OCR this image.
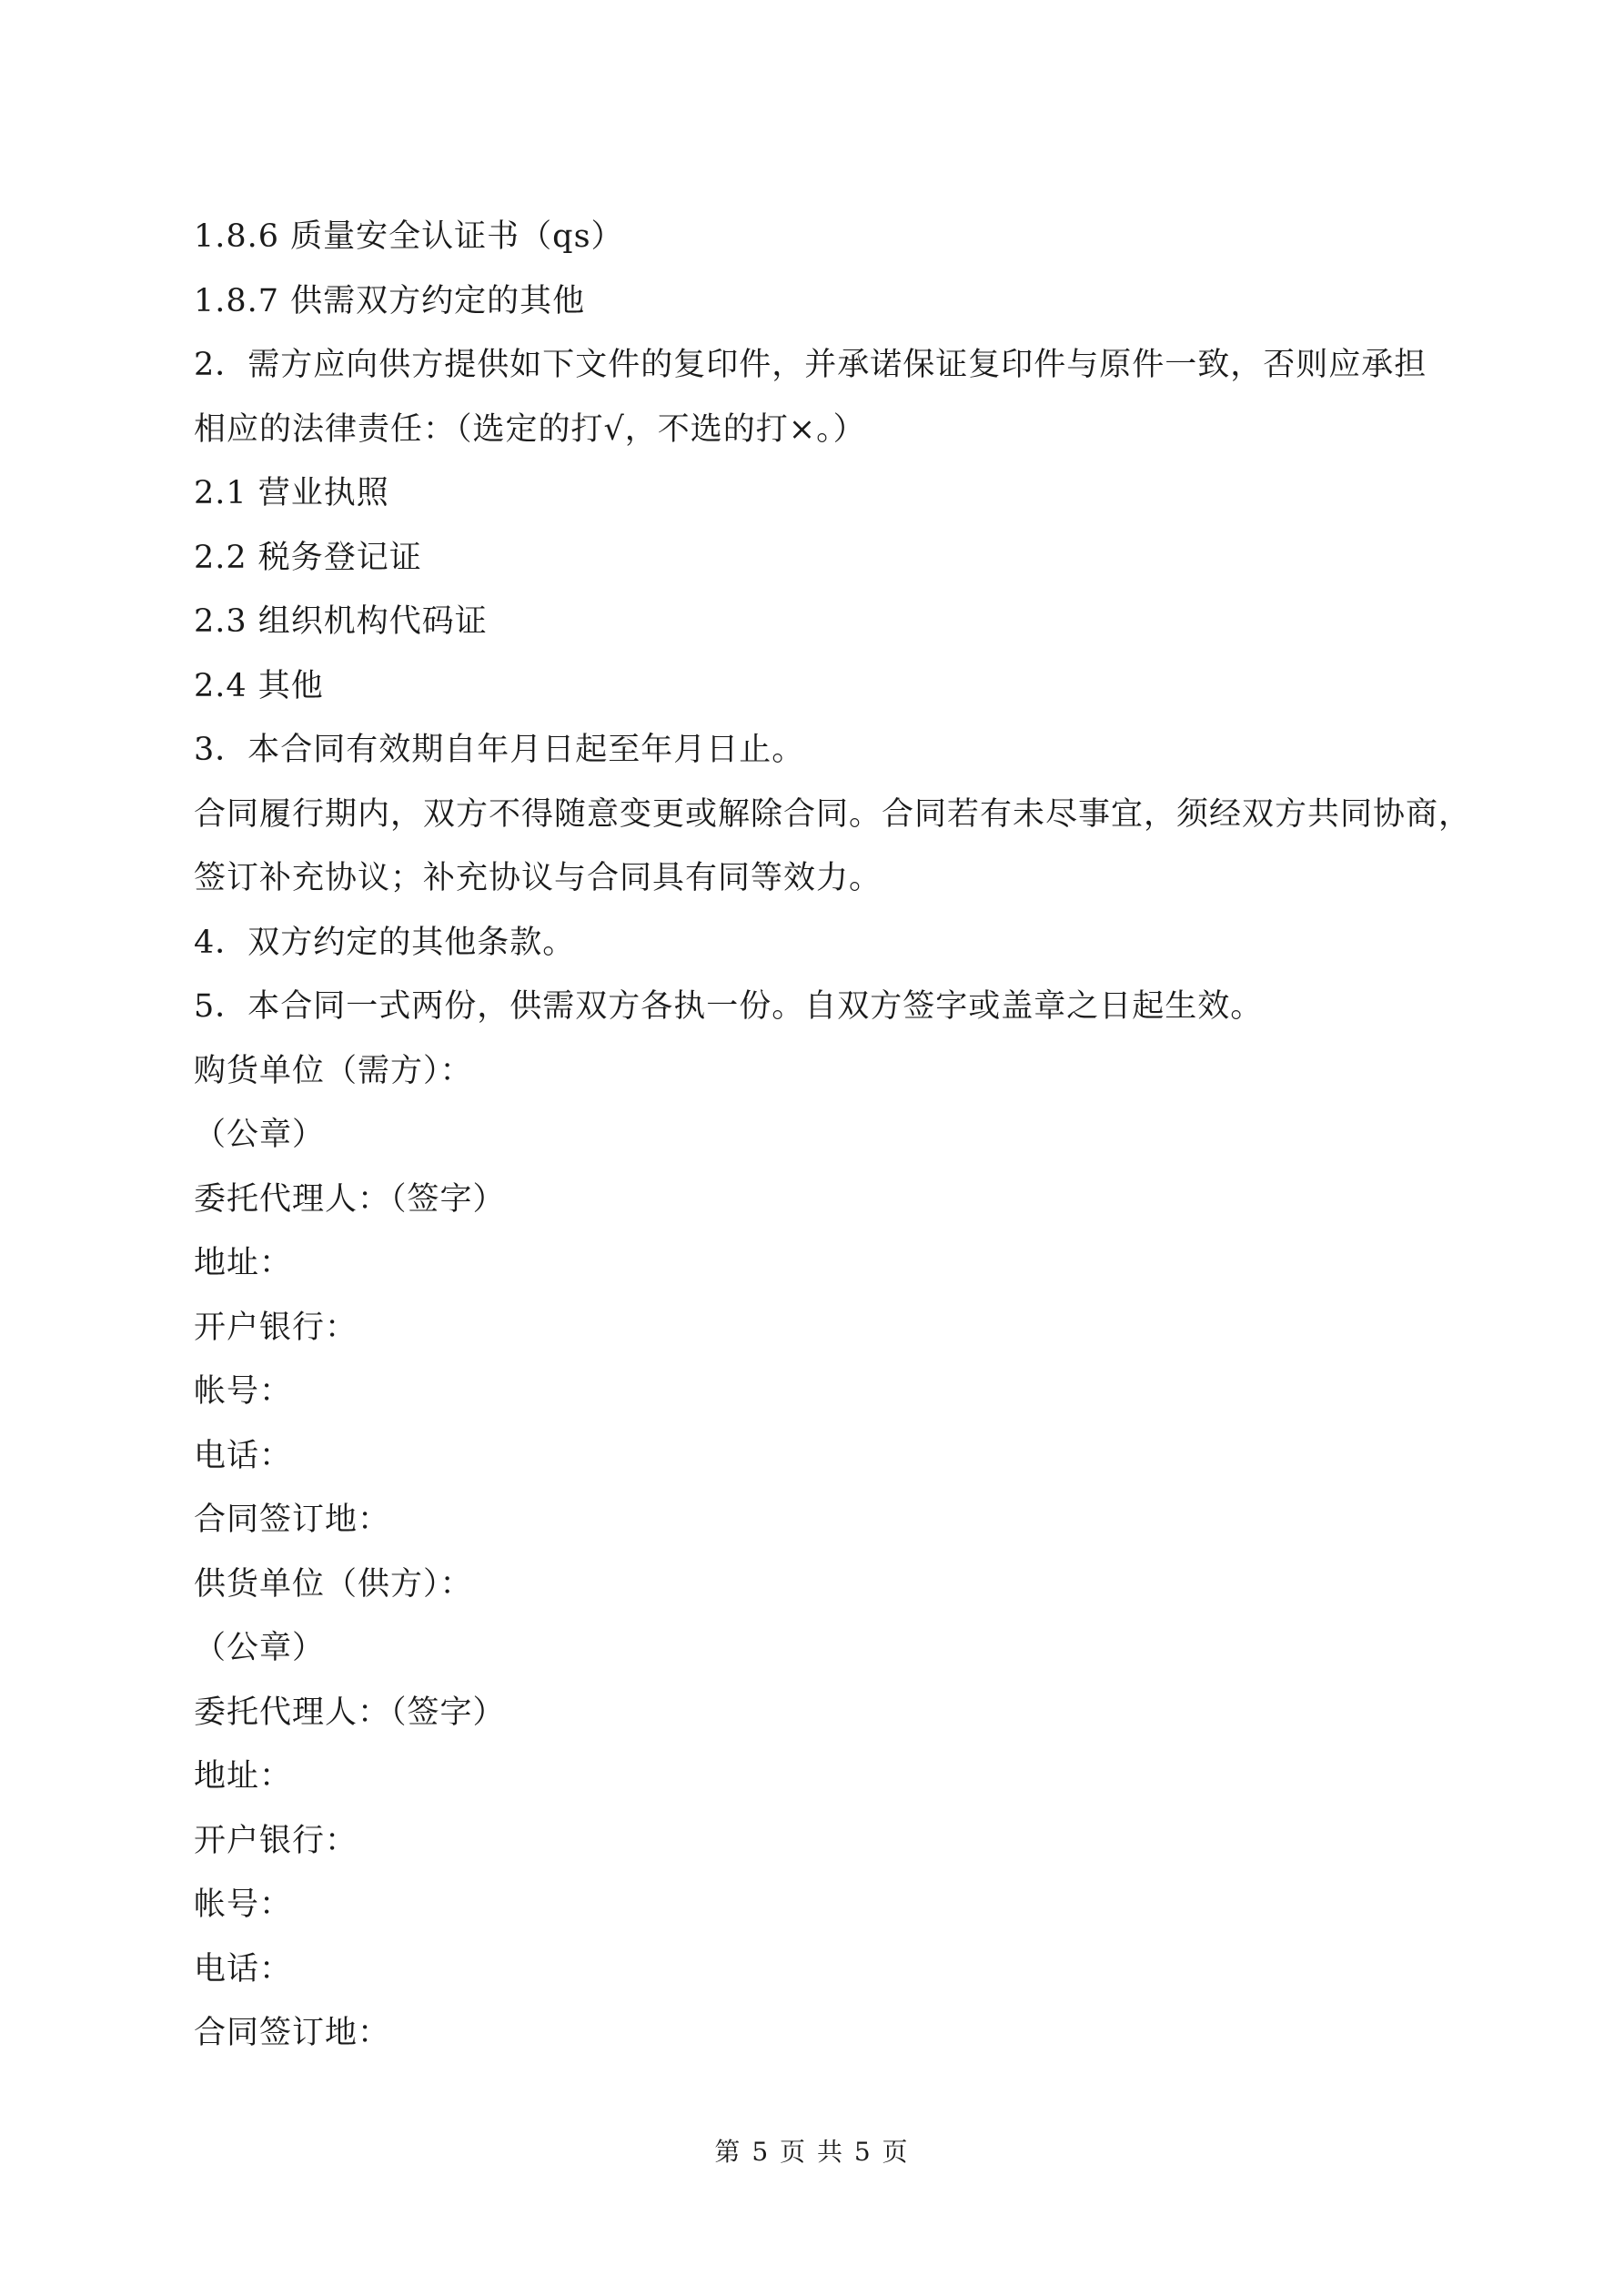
1.8.6 质量安全认证书（qs）

1.8.7 供需双方约定的其他

2．需方应向供方提供如下文件的复印件，并承诺保证复印件与原件一致，否则应承担

相应的法律责任：（选定的打√，不选的打×。）

2.1 营业执照

2.2 税务登记证

2.3 组织机构代码证

2.4 其他

3．本合同有效期自年月日起至年月日止。

合同履行期内，双方不得随意变更或解除合同。合同若有未尽事宜，须经双方共同协商，

签订补充协议；补充协议与合同具有同等效力。

4．双方约定的其他条款。

5．本合同一式两份，供需双方各执一份。自双方签字或盖章之日起生效。

购货单位（需方）：

（公章）

委托代理人：（签字）

地址：

开户银行：

帐号：

电话：

合同签订地：

供货单位（供方）：

（公章）

委托代理人：（签字）

地址：

开户银行：

帐号：

电话：

合同签订地：

第 5 页 共 5 页
